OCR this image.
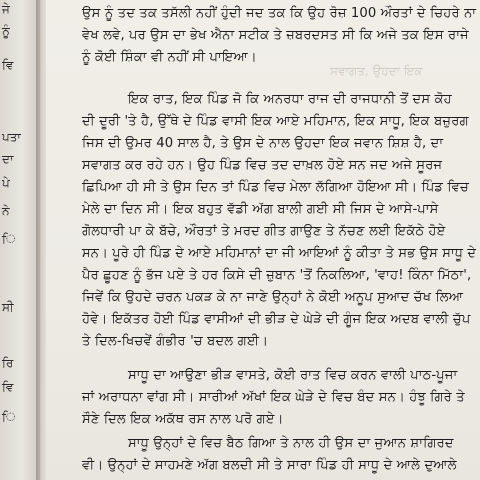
ਜੇ
ਨੂੰ
ਵਿ
ਪਤਾ
ਦਾ
ਪੇ
ਨੇ
ਿ
ਸੀ
ਰਿ
ਵਿ
ਿ
ਸਵਾਗਤ, ਉਹਦਾ ਇਕ
ਉਸ ਨੂੰ ਤਦ ਤਕ ਤਸੱਲੀ ਨਹੀਂ ਹੁੰਦੀ ਜਦ ਤਕ ਕਿ ਉਹ ਰੋਜ਼ 100 ਔਰਤਾਂ ਦੇ ਚਿਹਰੇ ਨਾ
ਵੇਖ ਲਵੇ, ਪਰ ਉਸ ਦਾ ਭੇਖ ਐਨਾ ਸਟੀਕ ਤੇ ਜ਼ਬਰਦਸਤ ਸੀ ਕਿ ਅਜੇ ਤਕ ਇਸ ਰਾਜੇ
ਨੂੰ ਕੋਈ ਸ਼ਿੰਕਾ ਵੀ ਨਹੀਂ ਸੀ ਪਾਇਆ।
ਇਕ ਰਾਤ, ਇਕ ਪਿੰਡ ਜੋ ਕਿ ਅਨਰਧਾ ਰਾਜ ਦੀ ਰਾਜਧਾਨੀ ਤੋਂ ਦਸ ਕੋਹ
ਦੀ ਦੂਰੀ 'ਤੇ ਹੈ, ਉੱਥੇ ਦੇ ਪਿੰਡ ਵਾਸੀ ਇਕ ਆਏ ਮਹਿਮਾਨ, ਇਕ ਸਾਧੂ, ਇਕ ਬਜ਼ੁਰਗ
ਜਿਸ ਦੀ ਉਮਰ 40 ਸਾਲ ਹੈ, ਤੇ ਉਸ ਦੇ ਨਾਲ ਉਹਦਾ ਇਕ ਜਵਾਨ ਸ਼ਿਸ਼ ਹੈ, ਦਾ
ਸਵਾਗਤ ਕਰ ਰਹੇ ਹਨ। ਉਹ ਪਿੰਡ ਵਿਚ ਤਦ ਦਾਖ਼ਲ ਹੋਏ ਸਨ ਜਦ ਅਜੇ ਸੂਰਜ
ਛਿਪਿਆ ਹੀ ਸੀ ਤੇ ਉਸ ਦਿਨ ਤਾਂ ਪਿੰਡ ਵਿਚ ਮੇਲਾ ਲੱਗਿਆ ਹੋਇਆ ਸੀ। ਪਿੰਡ ਵਿਚ
ਮੇਲੇ ਦਾ ਦਿਨ ਸੀ। ਇਕ ਬਹੁਤ ਵੱਡੀ ਅੱਗ ਬਾਲੀ ਗਈ ਸੀ ਜਿਸ ਦੇ ਆਸੇ-ਪਾਸੇ
ਗੋਲਧਾਰੀ ਪਾ ਕੇ ਬੱਚੇ, ਔਰਤਾਂ ਤੇ ਮਰਦ ਗੀਤ ਗਾਉਣ ਤੇ ਨੱਚਣ ਲਈ ਇਕੱਠੇ ਹੋਏ
ਸਨ। ਪੂਰੇ ਹੀ ਪਿੰਡ ਦੇ ਆਏ ਮਹਿਮਾਨਾਂ ਦਾ ਜੀ ਆਇਆਂ ਨੂੰ ਕੀਤਾ ਤੇ ਸਭ ਉਸ ਸਾਧੂ ਦੇ
ਪੈਰ ਛੂਹਣ ਨੂੰ ਭੱਜ ਪਏ ਤੇ ਹਰ ਕਿਸੇ ਦੀ ਜ਼ੁਬਾਨ 'ਤੋਂ ਨਿਕਲਿਆ, 'ਵਾਹ! ਕਿੰਨਾ ਮਿੱਠਾ',
ਜਿਵੇਂ ਕਿ ਉਹਦੇ ਚਰਨ ਪਕੜ ਕੇ ਨਾ ਜਾਣੇ ਉਨ੍ਹਾਂ ਨੇ ਕੋਈ ਅਨੂਪ ਸੁਆਦ ਚੱਖ ਲਿਆ
ਹੋਵੇ। ਇਕੱਤਰ ਹੋਈ ਪਿੰਡ ਵਾਸੀਆਂ ਦੀ ਭੀੜ ਦੇ ਘੇੜੇ ਦੀ ਗੂੰਜ ਇਕ ਅਦਬ ਵਾਲੀ ਚੁੱਪ
ਤੇ ਦਿਲ-ਖਿਚਵੇਂ ਗੰਭੀਰ 'ਚ ਬਦਲ ਗਈ।
ਸਾਧੂ ਦਾ ਆਉਣਾ ਭੀੜ ਵਾਸਤੇ, ਕੋਈ ਰਾਤ ਵਿਚ ਕਰਨ ਵਾਲੀ ਪਾਠ-ਪੂਜਾ
ਜਾਂ ਅਰਾਧਨਾ ਵਾਂਗ ਸੀ। ਸਾਰੀਆਂ ਅੱਖਾਂ ਇਕ ਘੇੜੇ ਦੇ ਵਿਚ ਬੰਦ ਸਨ। ਹੰਝੂ ਗਿਰੇ ਤੇ
ਸੌਣੇ ਦਿਲ ਇਕ ਅਕੱਥ ਰਸ ਨਾਲ ਪਰੋ ਗਏ।
ਸਾਧੂ ਉਨ੍ਹਾਂ ਦੇ ਵਿਚ ਬੈਠ ਗਿਆ ਤੇ ਨਾਲ ਹੀ ਉਸ ਦਾ ਜੁਆਨ ਸ਼ਾਗਿਰਦ
ਵੀ। ਉਨ੍ਹਾਂ ਦੇ ਸਾਹਮਣੇ ਅੱਗ ਬਲਦੀ ਸੀ ਤੇ ਸਾਰਾ ਪਿੰਡ ਹੀ ਸਾਧੂ ਦੇ ਆਲੇ ਦੁਆਲੇ
